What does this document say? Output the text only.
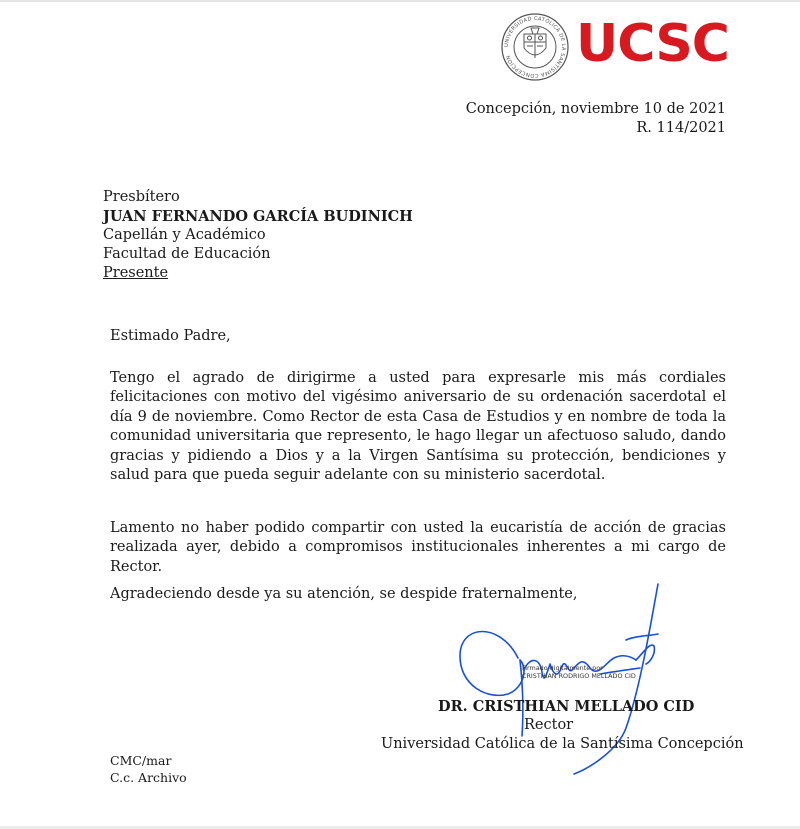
UNIVERSIDAD CATÓLICA DE LA SANTÍSIMA CONCEPCIÓN	UCSC
Concepción, noviembre 10 de 2021
R. 114/2021
Presbítero
JUAN FERNANDO GARCÍA BUDINICH
Capellán y Académico
Facultad de Educación
Presente
Estimado Padre,
Tengo el agrado de dirigirme a usted para expresarle mis más cordiales felicitaciones con motivo del vigésimo aniversario de su ordenación sacerdotal el día 9 de noviembre. Como Rector de esta Casa de Estudios y en nombre de toda la comunidad universitaria que represento, le hago llegar un afectuoso saludo, dando gracias y pidiendo a Dios y a la Virgen Santísima su protección, bendiciones y salud para que pueda seguir adelante con su ministerio sacerdotal.
Lamento no haber podido compartir con usted la eucaristía de acción de gracias realizada ayer, debido a compromisos institucionales inherentes a mi cargo de Rector.
Agradeciendo desde ya su atención, se despide fraternalmente,
Firmado digitalmente por
CRISTHIAN RODRIGO MELLADO CID
DR. CRISTHIAN MELLADO CID
Rector
Universidad Católica de la Santísima Concepción
CMC/mar
C.c. Archivo
